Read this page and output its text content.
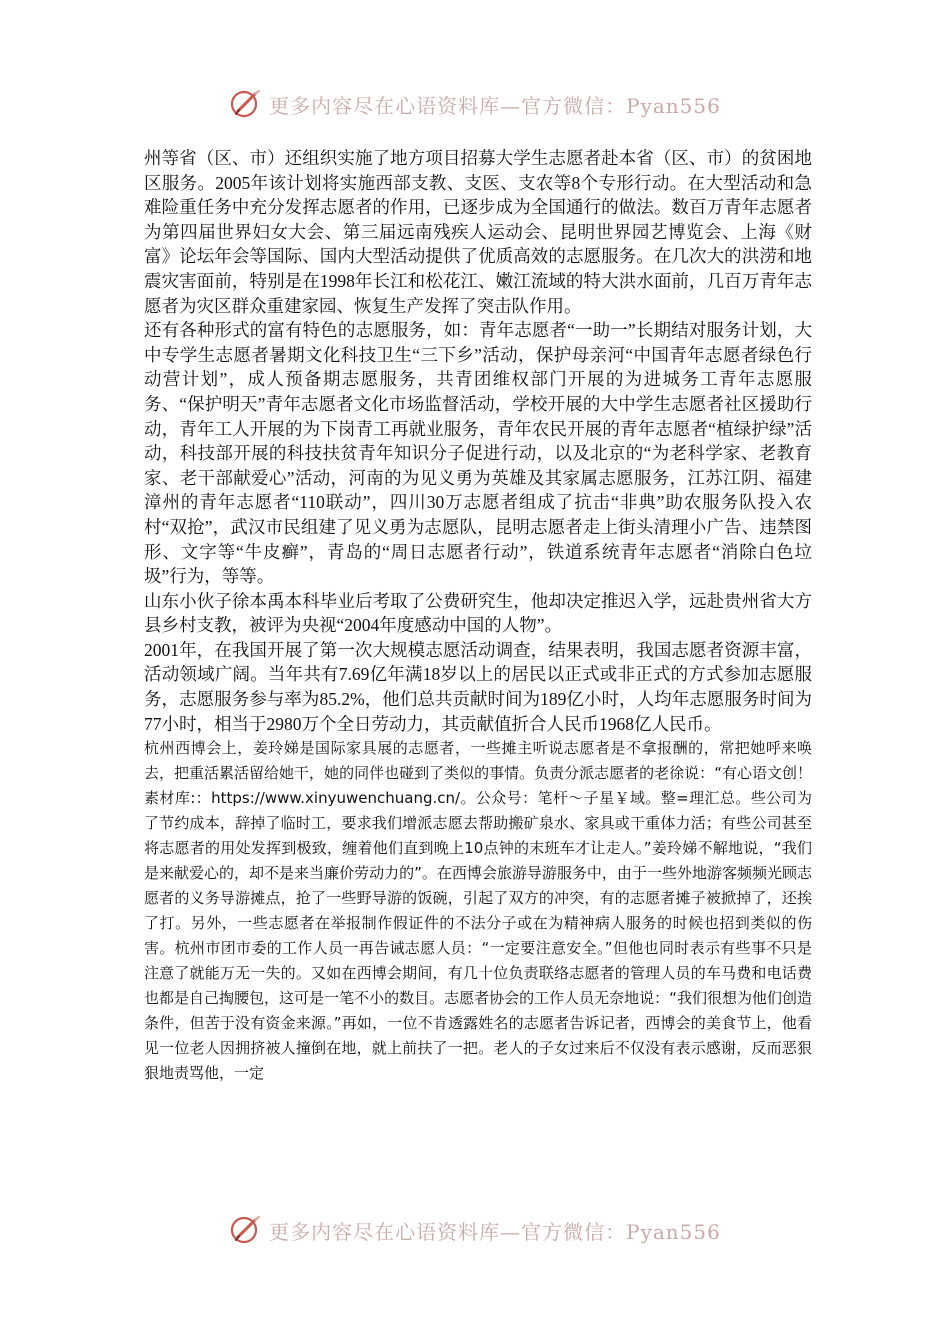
更多内容尽在心语资料库—官方微信：Pyan556

州等省（区、市）还组织实施了地方项目招募大学生志愿者赴本省（区、市）的贫困地区服务。2005年该计划将实施西部支教、支医、支农等8个专形行动。在大型活动和急难险重任务中充分发挥志愿者的作用，已逐步成为全国通行的做法。数百万青年志愿者为第四届世界妇女大会、第三届远南残疾人运动会、昆明世界园艺博览会、上海《财富》论坛年会等国际、国内大型活动提供了优质高效的志愿服务。在几次大的洪涝和地震灾害面前，特别是在1998年长江和松花江、嫩江流域的特大洪水面前，几百万青年志愿者为灾区群众重建家园、恢复生产发挥了突击队作用。

还有各种形式的富有特色的志愿服务，如：青年志愿者“一助一”长期结对服务计划，大中专学生志愿者暑期文化科技卫生“三下乡”活动，保护母亲河“中国青年志愿者绿色行动营计划”，成人预备期志愿服务，共青团维权部门开展的为进城务工青年志愿服务、“保护明天”青年志愿者文化市场监督活动，学校开展的大中学生志愿者社区援助行动，青年工人开展的为下岗青工再就业服务，青年农民开展的青年志愿者“植绿护绿”活动，科技部开展的科技扶贫青年知识分子促进行动，以及北京的“为老科学家、老教育家、老干部献爱心”活动，河南的为见义勇为英雄及其家属志愿服务，江苏江阴、福建漳州的青年志愿者“110联动”，四川30万志愿者组成了抗击“非典”助农服务队投入农村“双抢”，武汉市民组建了见义勇为志愿队，昆明志愿者走上街头清理小广告、违禁图形、文字等“牛皮癣”，青岛的“周日志愿者行动”，铁道系统青年志愿者“消除白色垃圾”行为，等等。

山东小伙子徐本禹本科毕业后考取了公费研究生，他却决定推迟入学，远赴贵州省大方县乡村支教，被评为央视“2004年度感动中国的人物”。

2001年，在我国开展了第一次大规模志愿活动调查，结果表明，我国志愿者资源丰富，活动领域广阔。当年共有7.69亿年满18岁以上的居民以正式或非正式的方式参加志愿服务，志愿服务参与率为85.2%，他们总共贡献时间为189亿小时，人均年志愿服务时间为77小时，相当于2980万个全日劳动力，其贡献值折合人民币1968亿人民币。

杭州西博会上，姜玲娣是国际家具展的志愿者，一些摊主听说志愿者是不拿报酬的，常把她呼来唤去，把重活累活留给她干，她的同伴也碰到了类似的事情。负责分派志愿者的老徐说：“有心语文创！素材库:：https://www.xinyuwenchuang.cn/。公众号：笔杆～子星￥域。整=理汇总。些公司为了节约成本，辞掉了临时工，要求我们增派志愿去帮助搬矿泉水、家具或干重体力活；有些公司甚至将志愿者的用处发挥到极致，缠着他们直到晚上10点钟的末班车才让走人。”姜玲娣不解地说，“我们是来献爱心的，却不是来当廉价劳动力的”。在西博会旅游导游服务中，由于一些外地游客频频光顾志愿者的义务导游摊点，抢了一些野导游的饭碗，引起了双方的冲突，有的志愿者摊子被掀掉了，还挨了打。另外，一些志愿者在举报制作假证件的不法分子或在为精神病人服务的时候也招到类似的伤害。杭州市团市委的工作人员一再告诫志愿人员：“一定要注意安全。”但他也同时表示有些事不只是注意了就能万无一失的。又如在西博会期间，有几十位负责联络志愿者的管理人员的车马费和电话费也都是自己掏腰包，这可是一笔不小的数目。志愿者协会的工作人员无奈地说：“我们很想为他们创造条件，但苦于没有资金来源。”再如，一位不肯透露姓名的志愿者告诉记者，西博会的美食节上，他看见一位老人因拥挤被人撞倒在地，就上前扶了一把。老人的子女过来后不仅没有表示感谢，反而恶狠狠地责骂他，一定

更多内容尽在心语资料库—官方微信：Pyan556
